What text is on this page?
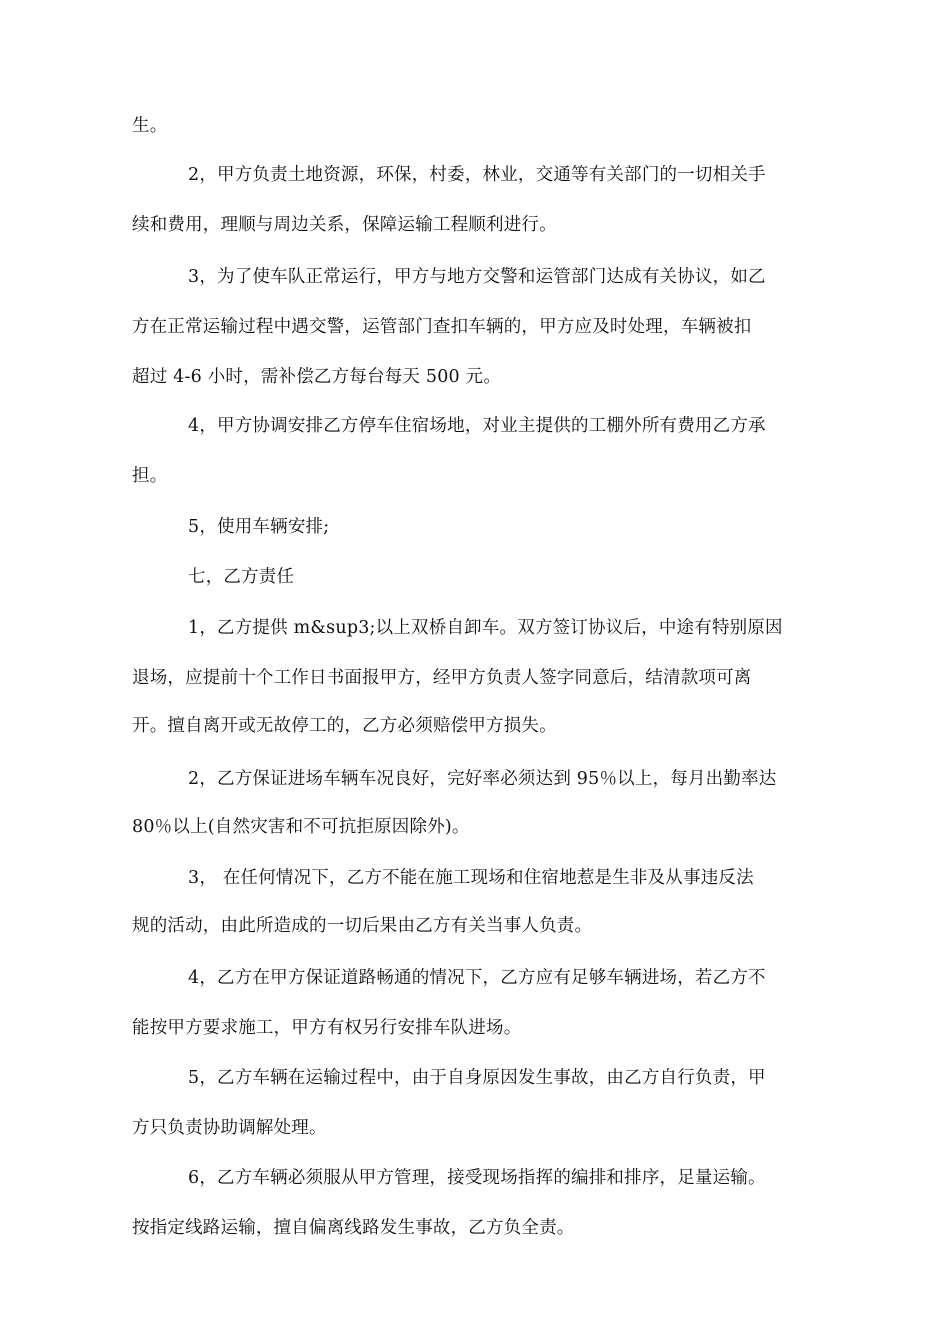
生。
2，甲方负责土地资源，环保，村委，林业，交通等有关部门的一切相关手
续和费用，理顺与周边关系，保障运输工程顺利进行。
3，为了使车队正常运行，甲方与地方交警和运管部门达成有关协议，如乙
方在正常运输过程中遇交警，运管部门查扣车辆的，甲方应及时处理，车辆被扣
超过 4-6 小时，需补偿乙方每台每天 500 元。
4，甲方协调安排乙方停车住宿场地，对业主提供的工棚外所有费用乙方承
担。
5，使用车辆安排;
七，乙方责任
1，乙方提供 m&sup3;以上双桥自卸车。双方签订协议后，中途有特别原因
退场，应提前十个工作日书面报甲方，经甲方负责人签字同意后，结清款项可离
开。擅自离开或无故停工的，乙方必须赔偿甲方损失。
2，乙方保证进场车辆车况良好，完好率必须达到 95％以上，每月出勤率达
80％以上(自然灾害和不可抗拒原因除外)。
3， 在任何情况下，乙方不能在施工现场和住宿地惹是生非及从事违反法
规的活动，由此所造成的一切后果由乙方有关当事人负责。
4，乙方在甲方保证道路畅通的情况下，乙方应有足够车辆进场，若乙方不
能按甲方要求施工，甲方有权另行安排车队进场。
5，乙方车辆在运输过程中，由于自身原因发生事故，由乙方自行负责，甲
方只负责协助调解处理。
6，乙方车辆必须服从甲方管理，接受现场指挥的编排和排序，足量运输。
按指定线路运输，擅自偏离线路发生事故，乙方负全责。
